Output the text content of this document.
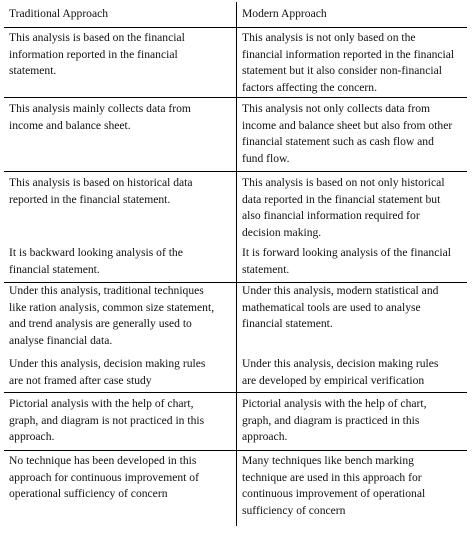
Traditional Approach	Modern Approach
This analysis is based on the financial
information reported in the financial
statement.
This analysis is not only based on the
financial information reported in the financial
statement but it also consider non-financial
factors affecting the concern.
This analysis mainly collects data from
income and balance sheet.
This analysis not only collects data from
income and balance sheet but also from other
financial statement such as cash flow and
fund flow.
This analysis is based on historical data
reported in the financial statement.
This analysis is based on not only historical
data reported in the financial statement but
also financial information required for
decision making.
It is backward looking analysis of the
financial statement.
It is forward looking analysis of the financial
statement.
Under this analysis, traditional techniques
like ration analysis, common size statement,
and trend analysis are generally used to
analyse financial data.
Under this analysis, modern statistical and
mathematical tools are used to analyse
financial statement.
Under this analysis, decision making rules
are not framed after case study
Under this analysis, decision making rules
are developed by empirical verification
Pictorial analysis with the help of chart,
graph, and diagram is not practiced in this
approach.
Pictorial analysis with the help of chart,
graph, and diagram is practiced in this
approach.
No technique has been developed in this
approach for continuous improvement of
operational sufficiency of concern
Many techniques like bench marking
technique are used in this approach for
continuous improvement of operational
sufficiency of concern
